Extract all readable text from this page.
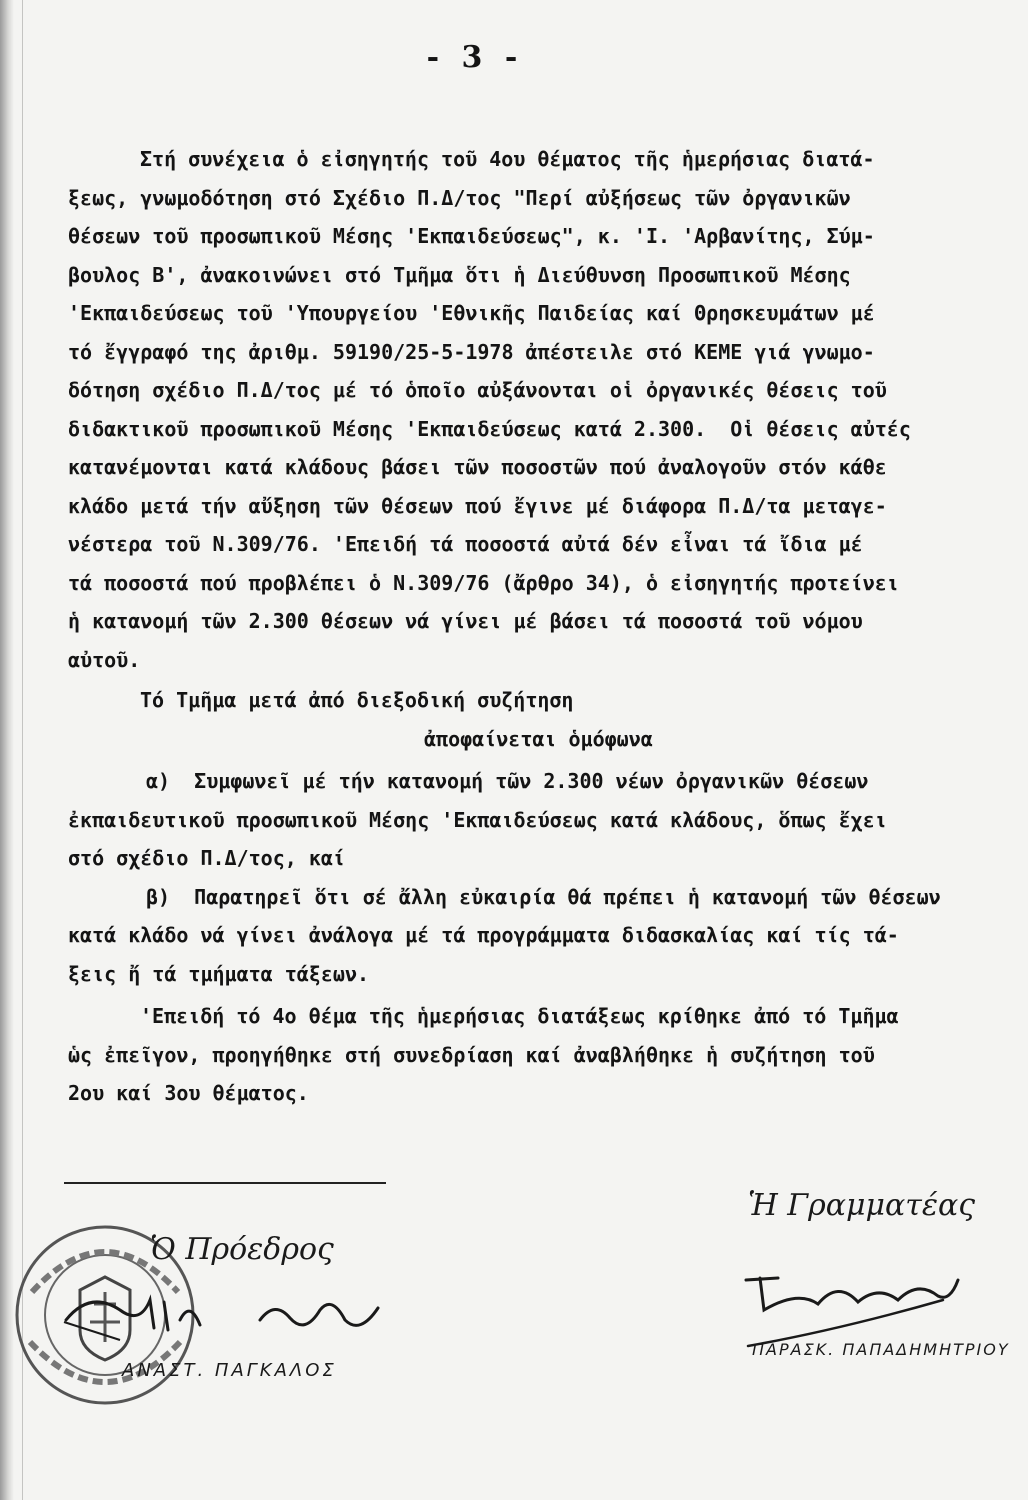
- 3 -
Στή συνέχεια ὁ εἰσηγητής τοῦ 4ου θέματος τῆς ἡμερήσιας διατά-
ξεως, γνωμοδότηση στό Σχέδιο Π.Δ/τος "Περί αὐξήσεως τῶν ὀργανικῶν
θέσεων τοῦ προσωπικοῦ Μέσης 'Εκπαιδεύσεως", κ. 'Ι. 'Αρβανίτης, Σύμ-
βουλος Β', ἀνακοινώνει στό Τμῆμα ὅτι ἡ Διεύθυνση Προσωπικοῦ Μέσης
'Εκπαιδεύσεως τοῦ 'Υπουργείου 'Εθνικῆς Παιδείας καί Θρησκευμάτων μέ
τό ἔγγραφό της ἀριθμ. 59190/25-5-1978 ἀπέστειλε στό ΚΕΜΕ γιά γνωμο-
δότηση σχέδιο Π.Δ/τος μέ τό ὁποῖο αὐξάνονται οἱ ὀργανικές θέσεις τοῦ
διδακτικοῦ προσωπικοῦ Μέσης 'Εκπαιδεύσεως κατά 2.300.  Οἱ θέσεις αὐτές
κατανέμονται κατά κλάδους βάσει τῶν ποσοστῶν πού ἀναλογοῦν στόν κάθε
κλάδο μετά τήν αὔξηση τῶν θέσεων πού ἔγινε μέ διάφορα Π.Δ/τα μεταγε-
νέστερα τοῦ Ν.309/76. 'Επειδή τά ποσοστά αὐτά δέν εἶναι τά ἴδια μέ
τά ποσοστά πού προβλέπει ὁ Ν.309/76 (ἄρθρο 34), ὁ εἰσηγητής προτείνει
ἡ κατανομή τῶν 2.300 θέσεων νά γίνει μέ βάσει τά ποσοστά τοῦ νόμου
αὐτοῦ.
Τό Τμῆμα μετά ἀπό διεξοδική συζήτηση
ἀποφαίνεται ὁμόφωνα
α)  Συμφωνεῖ μέ τήν κατανομή τῶν 2.300 νέων ὀργανικῶν θέσεων
ἐκπαιδευτικοῦ προσωπικοῦ Μέσης 'Εκπαιδεύσεως κατά κλάδους, ὅπως ἔχει
στό σχέδιο Π.Δ/τος, καί
β)  Παρατηρεῖ ὅτι σέ ἄλλη εὐκαιρία θά πρέπει ἡ κατανομή τῶν θέσεων
κατά κλάδο νά γίνει ἀνάλογα μέ τά προγράμματα διδασκαλίας καί τίς τά-
ξεις ἤ τά τμήματα τάξεων.
'Επειδή τό 4ο θέμα τῆς ἡμερήσιας διατάξεως κρίθηκε ἀπό τό Τμῆμα
ὡς ἐπεῖγον, προηγήθηκε στή συνεδρίαση καί ἀναβλήθηκε ἡ συζήτηση τοῦ
2ου καί 3ου θέματος.
Ὁ Πρόεδρος
ΑΝΑΣΤ. ΠΑΓΚΑΛΟΣ
Ἡ Γραμματέας
ΠΑΡΑΣΚ. ΠΑΠΑΔΗΜΗΤΡΙΟΥ
